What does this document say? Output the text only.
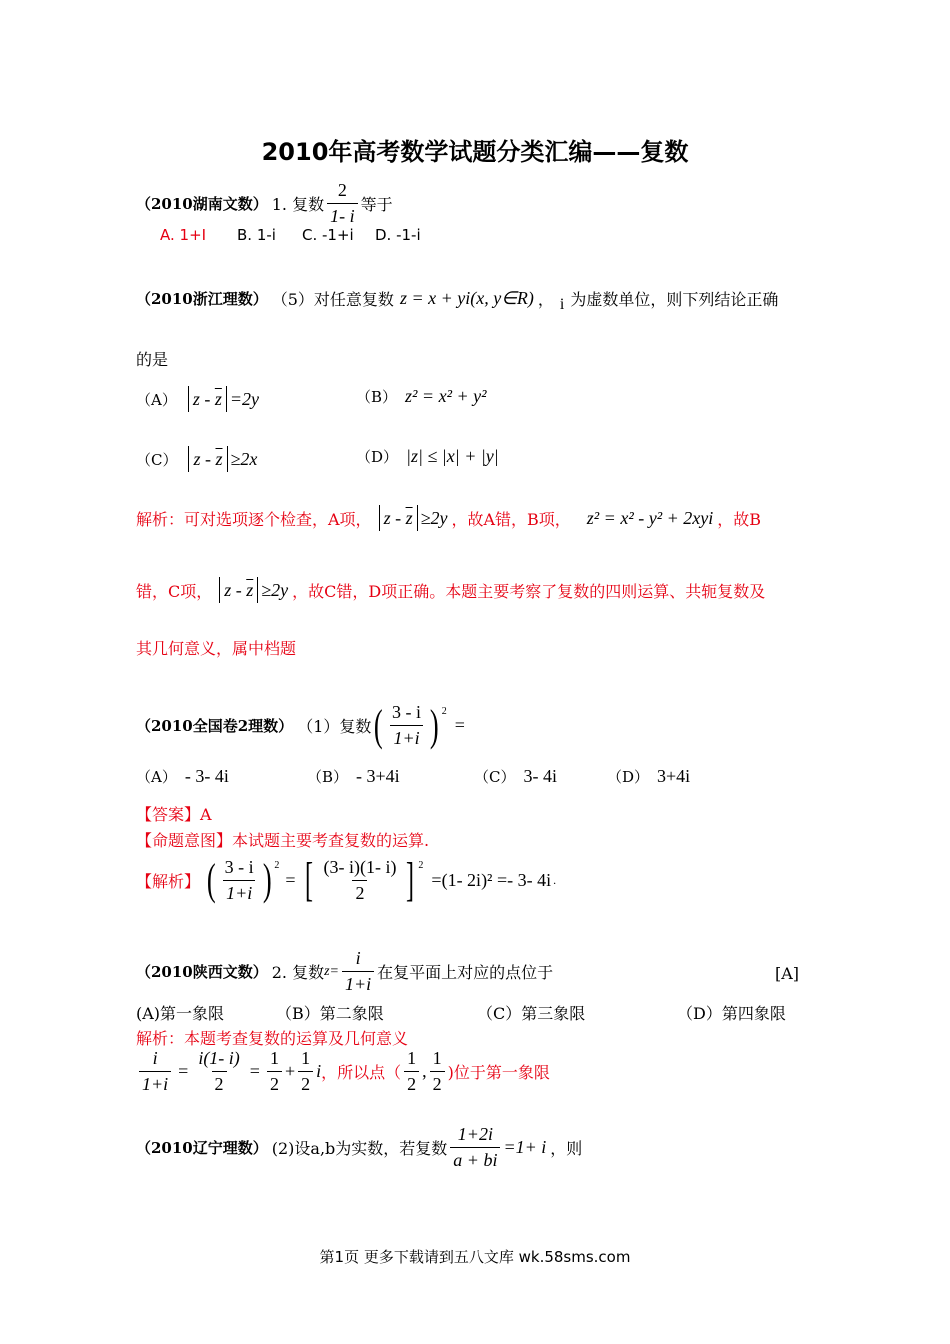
2010年高考数学试题分类汇编——复数
（2010湖南文数） 1. 复数 $\frac{2}{1- i}$ 等于
A. 1+I B. 1-i C. -1+i D. -1-i
（2010浙江理数） （5）对任意复数 z = x + yi(x, y∈R) ， i 为虚数单位，则下列结论正确
的是
（A） $z - \overline{z} =2y$	（B） z² = x² + y²
（C） $z - \overline{z} \ge 2x$	（D） |z| ≤ |x| + |y|
解析：可对选项逐个检查，A项， $z - \overline{z} \ge 2y$ ，故A错，B项， z² = x² - y² + 2xyi ，故B
错，C项， $z - \overline{z} \ge 2y$ ，故C错，D项正确。本题主要考察了复数的四则运算、共轭复数及
其几何意义，属中档题
（2010全国卷2理数） （1）复数 ( $\frac{3 - i}{1+i}$ ) $^2$
=
（A） - 3- 4i	（B） - 3+4i	（C） 3- 4i	（D） 3+4i
【答案】A
【命题意图】本试题主要考查复数的运算.
【解析】 ( $\frac{3 - i}{1+i}$ ) $^2$
= [ $\frac{(3- i)(1- i)}{2}$ ] $^2$
=(1- 2i)² =- 3- 4i .
（2010陕西文数） 2. 复数 $z= \frac{i}{1+i}$ 在复平面上对应的点位于	[A]
(A)第一象限	（B）第二象限	（C）第三象限	（D）第四象限
解析：本题考查复数的运算及几何意义
$\frac{i}{1+i} = \frac{i(1- i)}{2} = \frac{1}{2} + \frac{1}{2}$ i ，所以点（ $\frac{1}{2}$ , $\frac{1}{2}$ )位于第一象限
（2010辽宁理数） (2)设a,b为实数，若复数 $\frac{1+2i}{a + bi} =1+ i$ ，则
第1页 更多下载请到五八文库 wk.58sms.com
